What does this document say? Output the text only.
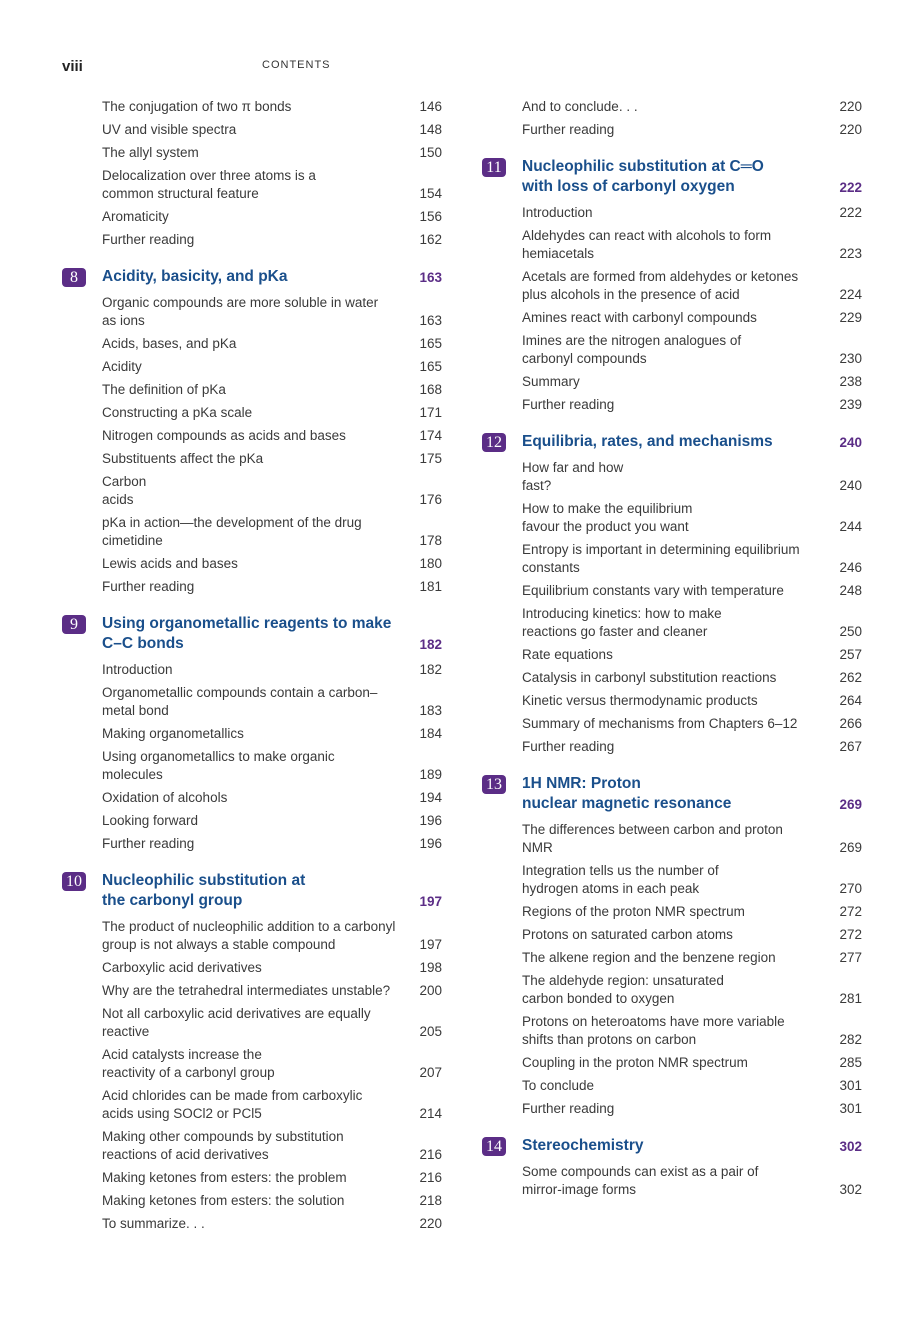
viii	CONTENTS
The conjugation of two π bonds	146
UV and visible spectra	148
The allyl system	150
Delocalization over three atoms is a
common structural feature	154
Aromaticity	156
Further reading	162
8	Acidity, basicity, and pKa	163
Organic compounds are more soluble in water as ions	163
Acids, bases, and pKa	165
Acidity	165
The definition of pKa	168
Constructing a pKa scale	171
Nitrogen compounds as acids and bases	174
Substituents affect the pKa	175
Carbon
acids	176
pKa in action—the development of the drug cimetidine	178
Lewis acids and bases	180
Further reading	181
9	Using organometallic reagents to make C–C bonds	182
Introduction	182
Organometallic compounds contain a carbon–metal bond	183
Making organometallics	184
Using organometallics to make organic molecules	189
Oxidation of alcohols	194
Looking forward	196
Further reading	196
10 Nucleophilic substitution at
the carbonyl group	197
The product of nucleophilic addition to a carbonyl
group is not always a stable compound	197
Carboxylic acid derivatives	198
Why are the tetrahedral intermediates unstable?	200
Not all carboxylic acid derivatives are equally reactive	205
Acid catalysts increase the
reactivity of a carbonyl group	207
Acid chlorides can be made from carboxylic
acids using SOCl2 or PCl5	214
Making other compounds by substitution
reactions of acid derivatives	216
Making ketones from esters: the problem	216
Making ketones from esters: the solution	218
To summarize. . .	220
And to conclude. . .	220
Further reading	220
11 Nucleophilic substitution at C═O
with loss of carbonyl oxygen	222
Introduction	222
Aldehydes can react with alcohols to form hemiacetals	223
Acetals are formed from aldehydes or ketones
plus alcohols in the presence of acid	224
Amines react with carbonyl compounds	229
Imines are the nitrogen analogues of
carbonyl compounds	230
Summary	238
Further reading	239
12 Equilibria, rates, and mechanisms	240
How far and how
fast?	240
How to make the equilibrium
favour the product you want	244
Entropy is important in determining equilibrium constants	246
Equilibrium constants vary with temperature	248
Introducing kinetics: how to make
reactions go faster and cleaner	250
Rate equations	257
Catalysis in carbonyl substitution reactions	262
Kinetic versus thermodynamic products	264
Summary of mechanisms from Chapters 6–12	266
Further reading	267
13 1H NMR: Proton
nuclear magnetic resonance	269
The differences between carbon and proton NMR	269
Integration tells us the number of
hydrogen atoms in each peak	270
Regions of the proton NMR spectrum	272
Protons on saturated carbon atoms	272
The alkene region and the benzene region	277
The aldehyde region: unsaturated
carbon bonded to oxygen	281
Protons on heteroatoms have more variable
shifts than protons on carbon	282
Coupling in the proton NMR spectrum	285
To conclude	301
Further reading	301
14 Stereochemistry	302
Some compounds can exist as a pair of
mirror-image forms	302
